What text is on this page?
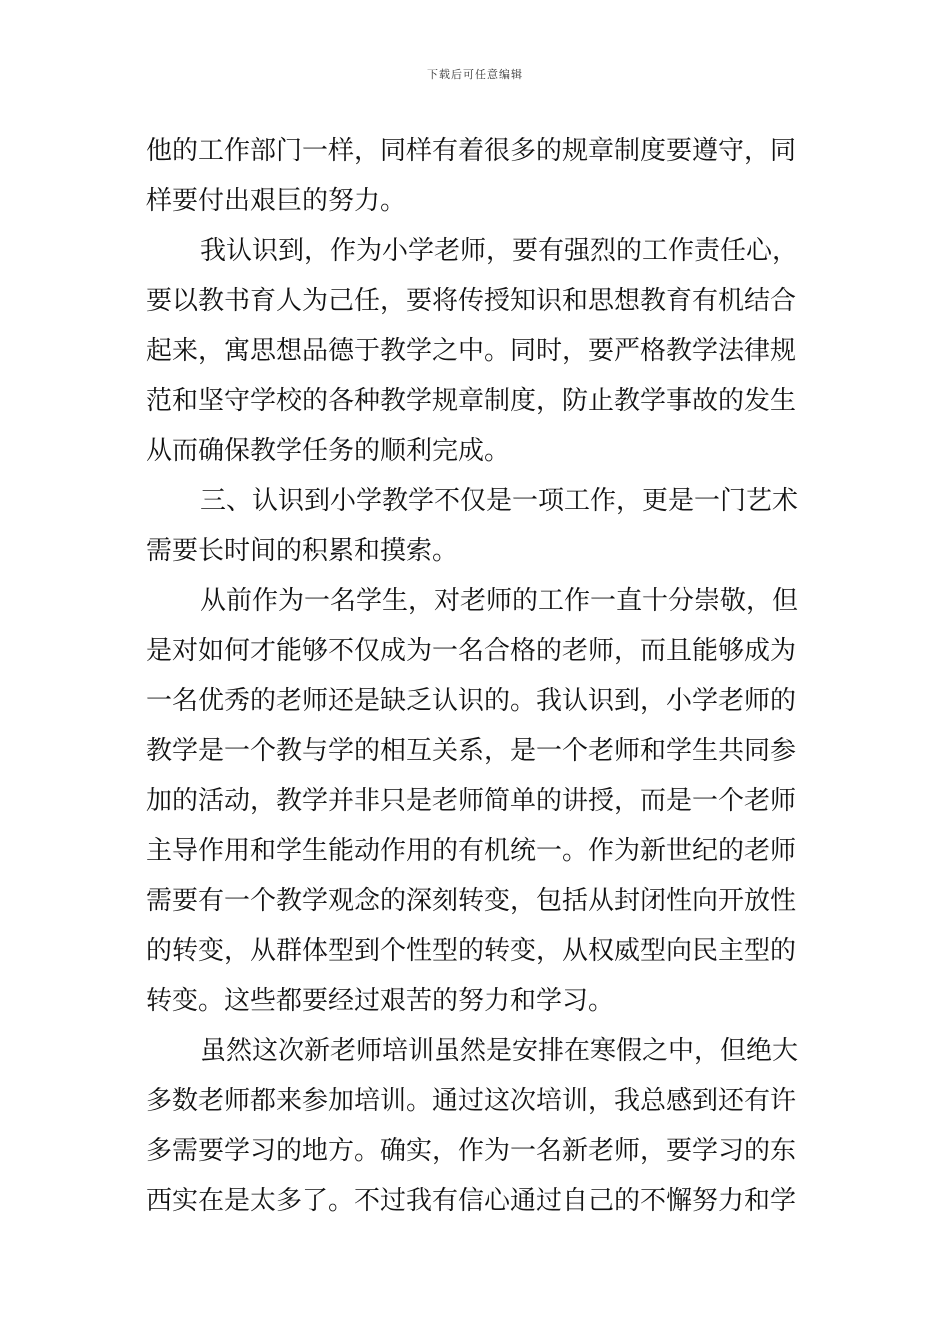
下载后可任意编辑
他的工作部门一样，同样有着很多的规章制度要遵守，同
样要付出艰巨的努力。
我认识到，作为小学老师，要有强烈的工作责任心，
要以教书育人为己任，要将传授知识和思想教育有机结合
起来，寓思想品德于教学之中。同时，要严格教学法律规
范和坚守学校的各种教学规章制度，防止教学事故的发生
从而确保教学任务的顺利完成。
三、认识到小学教学不仅是一项工作，更是一门艺术
需要长时间的积累和摸索。
从前作为一名学生，对老师的工作一直十分崇敬，但
是对如何才能够不仅成为一名合格的老师，而且能够成为
一名优秀的老师还是缺乏认识的。我认识到，小学老师的
教学是一个教与学的相互关系，是一个老师和学生共同参
加的活动，教学并非只是老师简单的讲授，而是一个老师
主导作用和学生能动作用的有机统一。作为新世纪的老师
需要有一个教学观念的深刻转变，包括从封闭性向开放性
的转变，从群体型到个性型的转变，从权威型向民主型的
转变。这些都要经过艰苦的努力和学习。
虽然这次新老师培训虽然是安排在寒假之中，但绝大
多数老师都来参加培训。通过这次培训，我总感到还有许
多需要学习的地方。确实，作为一名新老师，要学习的东
西实在是太多了。不过我有信心通过自己的不懈努力和学
